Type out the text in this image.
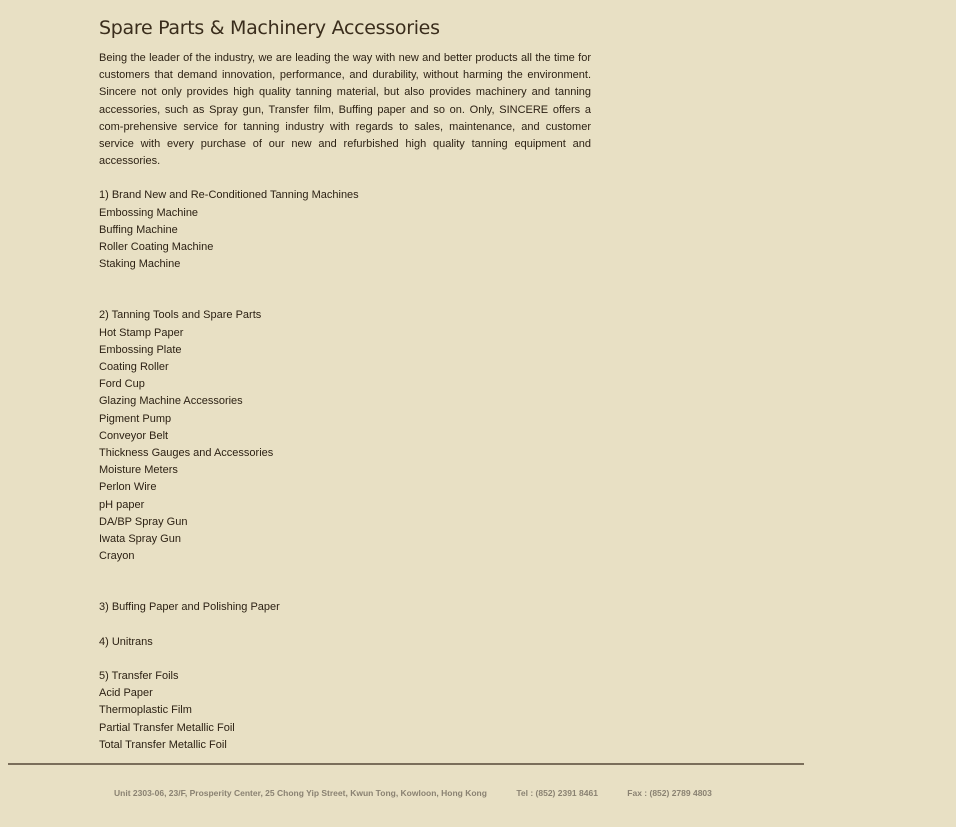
Spare Parts & Machinery Accessories

Being the leader of the industry, we are leading the way with new and better products all the time for customers that demand innovation, performance, and durability, without harming the environment. Sincere not only provides high quality tanning material, but also provides machinery and tanning accessories, such as Spray gun, Transfer film, Buffing paper and so on. Only, SINCERE offers a com-prehensive service for tanning industry with regards to sales, maintenance, and customer service with every purchase of our new and refurbished high quality tanning equipment and accessories.

1) Brand New and Re-Conditioned Tanning Machines
Embossing Machine
Buffing Machine
Roller Coating Machine
Staking Machine
2) Tanning Tools and Spare Parts
Hot Stamp Paper
Embossing Plate
Coating Roller
Ford Cup
Glazing Machine Accessories
Pigment Pump
Conveyor Belt
Thickness Gauges and Accessories
Moisture Meters
Perlon Wire
pH paper
DA/BP Spray Gun
Iwata Spray Gun
Crayon
3) Buffing Paper and Polishing Paper
4) Unitrans
5) Transfer Foils
Acid Paper
Thermoplastic Film
Partial Transfer Metallic Foil
Total Transfer Metallic Foil
Unit 2303-06, 23/F, Prosperity Center, 25 Chong Yip Street, Kwun Tong, Kowloon, Hong Kong	Tel : (852) 2391 8461	Fax : (852) 2789 4803
